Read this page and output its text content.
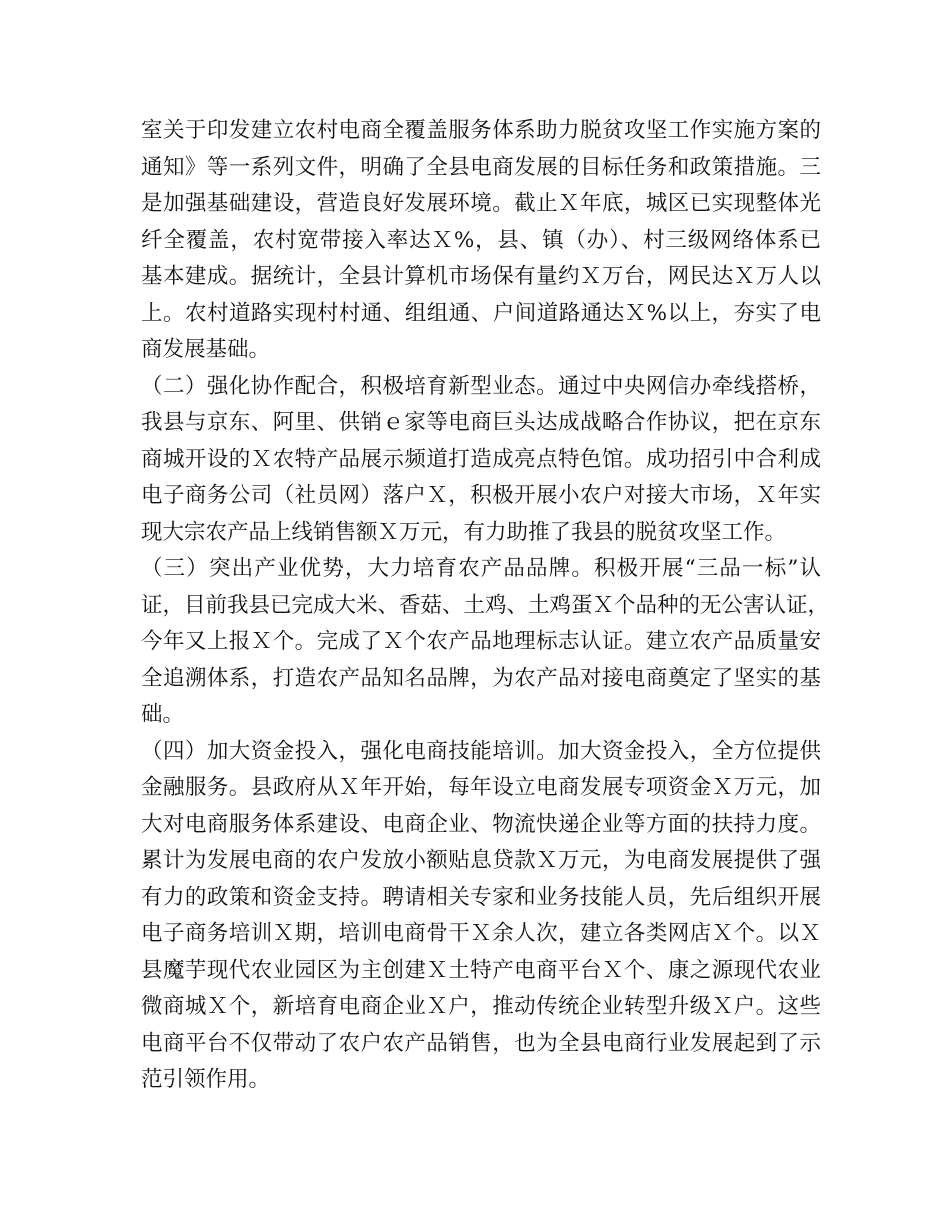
室关于印发建立农村电商全覆盖服务体系助力脱贫攻坚工作实施方案的
通知》等一系列文件，明确了全县电商发展的目标任务和政策措施。三
是加强基础建设，营造良好发展环境。截止Ｘ年底，城区已实现整体光
纤全覆盖，农村宽带接入率达Ｘ%，县、镇（办）、村三级网络体系已
基本建成。据统计，全县计算机市场保有量约Ｘ万台，网民达Ｘ万人以
上。农村道路实现村村通、组组通、户间道路通达Ｘ%以上，夯实了电
商发展基础。
（二）强化协作配合，积极培育新型业态。通过中央网信办牵线搭桥，
我县与京东、阿里、供销ｅ家等电商巨头达成战略合作协议，把在京东
商城开设的Ｘ农特产品展示频道打造成亮点特色馆。成功招引中合利成
电子商务公司（社员网）落户Ｘ，积极开展小农户对接大市场，Ｘ年实
现大宗农产品上线销售额Ｘ万元，有力助推了我县的脱贫攻坚工作。
（三）突出产业优势，大力培育农产品品牌。积极开展“三品一标”认
证，目前我县已完成大米、香菇、土鸡、土鸡蛋Ｘ个品种的无公害认证，
今年又上报Ｘ个。完成了Ｘ个农产品地理标志认证。建立农产品质量安
全追溯体系，打造农产品知名品牌，为农产品对接电商奠定了坚实的基
础。
（四）加大资金投入，强化电商技能培训。加大资金投入，全方位提供
金融服务。县政府从Ｘ年开始，每年设立电商发展专项资金Ｘ万元，加
大对电商服务体系建设、电商企业、物流快递企业等方面的扶持力度。
累计为发展电商的农户发放小额贴息贷款Ｘ万元，为电商发展提供了强
有力的政策和资金支持。聘请相关专家和业务技能人员，先后组织开展
电子商务培训Ｘ期，培训电商骨干Ｘ余人次，建立各类网店Ｘ个。以Ｘ
县魔芋现代农业园区为主创建Ｘ土特产电商平台Ｘ个、康之源现代农业
微商城Ｘ个，新培育电商企业Ｘ户，推动传统企业转型升级Ｘ户。这些
电商平台不仅带动了农户农产品销售，也为全县电商行业发展起到了示
范引领作用。
